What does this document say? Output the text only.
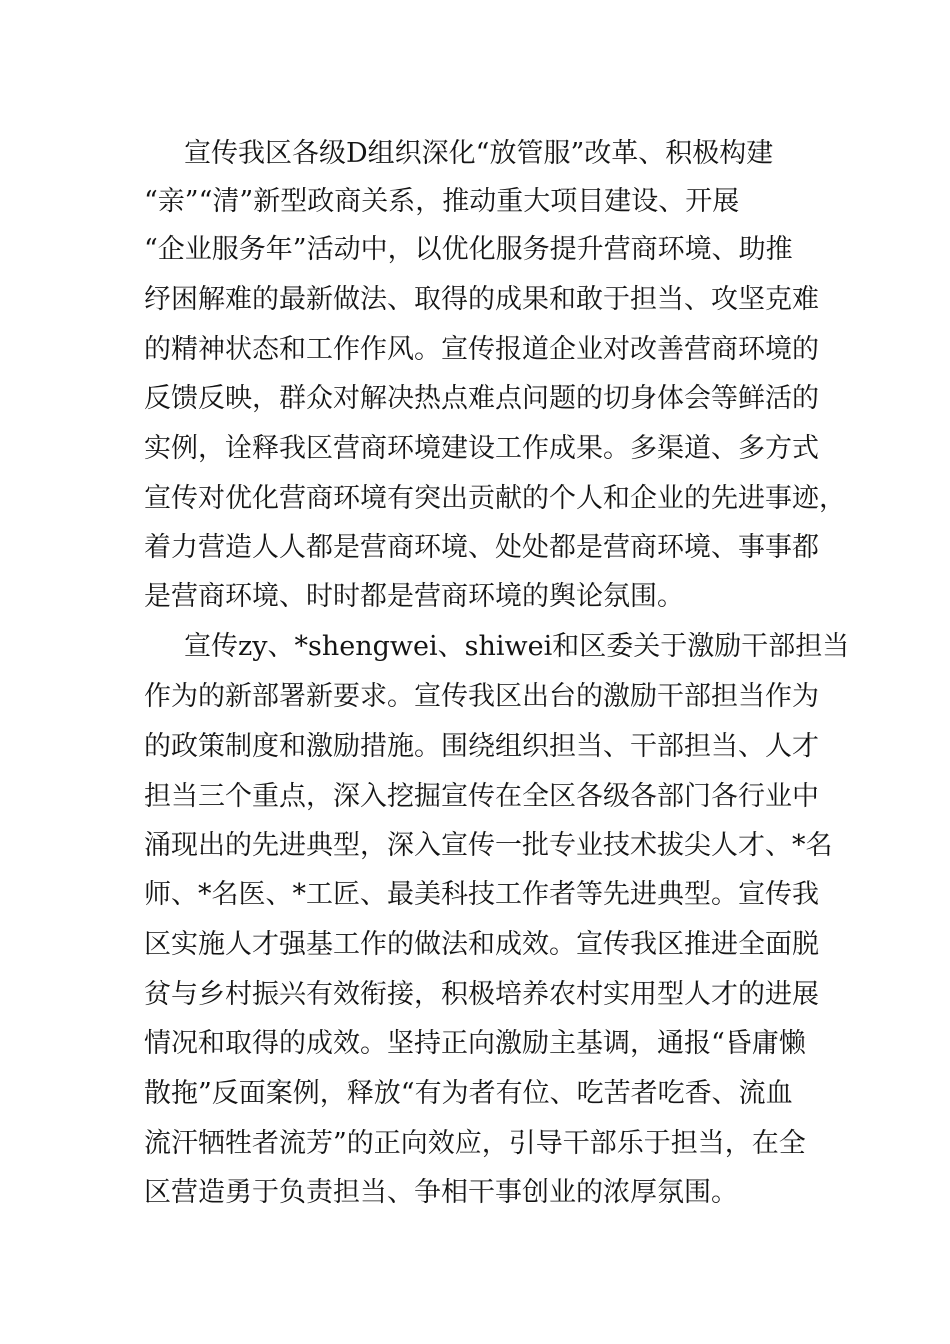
宣传我区各级D组织深化“放管服”改革、积极构建
“亲”“清”新型政商关系，推动重大项目建设、开展
“企业服务年”活动中，以优化服务提升营商环境、助推
纾困解难的最新做法、取得的成果和敢于担当、攻坚克难
的精神状态和工作作风。宣传报道企业对改善营商环境的
反馈反映，群众对解决热点难点问题的切身体会等鲜活的
实例，诠释我区营商环境建设工作成果。多渠道、多方式
宣传对优化营商环境有突出贡献的个人和企业的先进事迹，
着力营造人人都是营商环境、处处都是营商环境、事事都
是营商环境、时时都是营商环境的舆论氛围。
宣传zy、*shengwei、shiwei和区委关于激励干部担当
作为的新部署新要求。宣传我区出台的激励干部担当作为
的政策制度和激励措施。围绕组织担当、干部担当、人才
担当三个重点，深入挖掘宣传在全区各级各部门各行业中
涌现出的先进典型，深入宣传一批专业技术拔尖人才、*名
师、*名医、*工匠、最美科技工作者等先进典型。宣传我
区实施人才强基工作的做法和成效。宣传我区推进全面脱
贫与乡村振兴有效衔接，积极培养农村实用型人才的进展
情况和取得的成效。坚持正向激励主基调，通报“昏庸懒
散拖”反面案例，释放“有为者有位、吃苦者吃香、流血
流汗牺牲者流芳”的正向效应，引导干部乐于担当，在全
区营造勇于负责担当、争相干事创业的浓厚氛围。
